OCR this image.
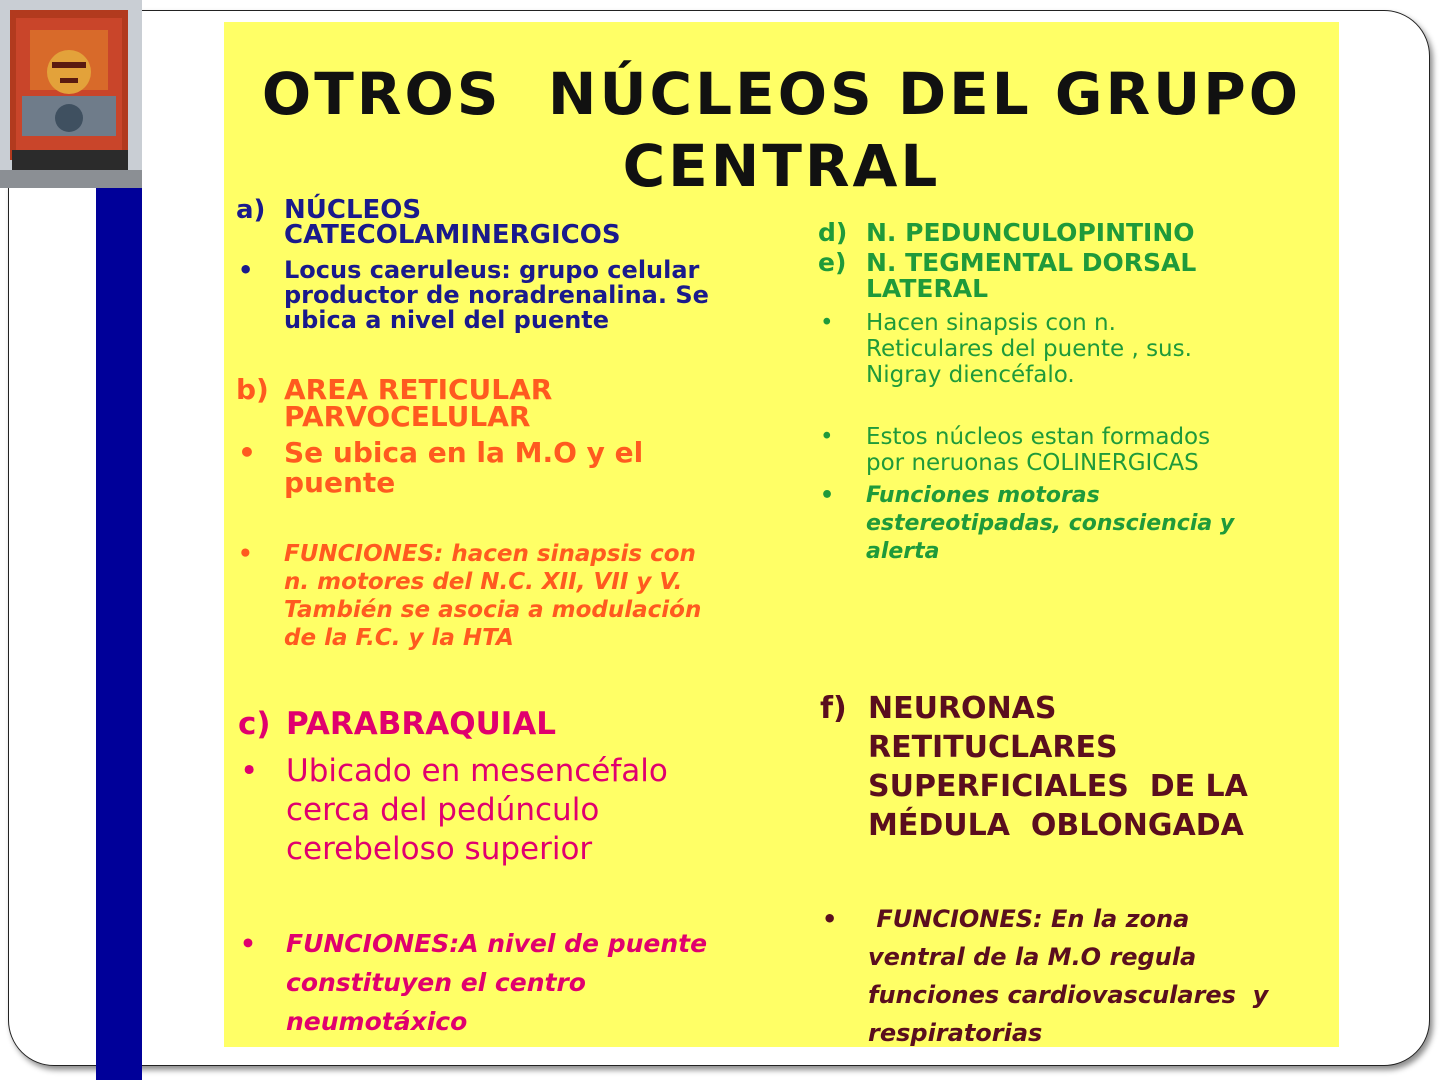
OTROS  NÚCLEOS DEL GRUPO
CENTRAL
a) NÚCLEOS
CATECOLAMINERGICOS
• Locus caeruleus: grupo celular
productor de noradrenalina. Se
ubica a nivel del puente
b) AREA RETICULAR
PARVOCELULAR
• Se ubica en la M.O y el
puente
• FUNCIONES: hacen sinapsis con
n. motores del N.C. XII, VII y V.
También se asocia a modulación
de la F.C. y la HTA
c) PARABRAQUIAL
• Ubicado en mesencéfalo
cerca del pedúnculo
cerebeloso superior
• FUNCIONES:A nivel de puente
constituyen el centro
neumotáxico
d) N. PEDUNCULOPINTINO
e) N. TEGMENTAL DORSAL
LATERAL
• Hacen sinapsis con n.
Reticulares del puente , sus.
Nigray diencéfalo.
• Estos núcleos estan formados
por neruonas COLINERGICAS
• Funciones motoras
estereotipadas, consciencia y
alerta
f) NEURONAS
RETITUCLARES
SUPERFICIALES  DE LA
MÉDULA  OBLONGADA
• FUNCIONES: En la zona
ventral de la M.O regula
funciones cardiovasculares  y
respiratorias
